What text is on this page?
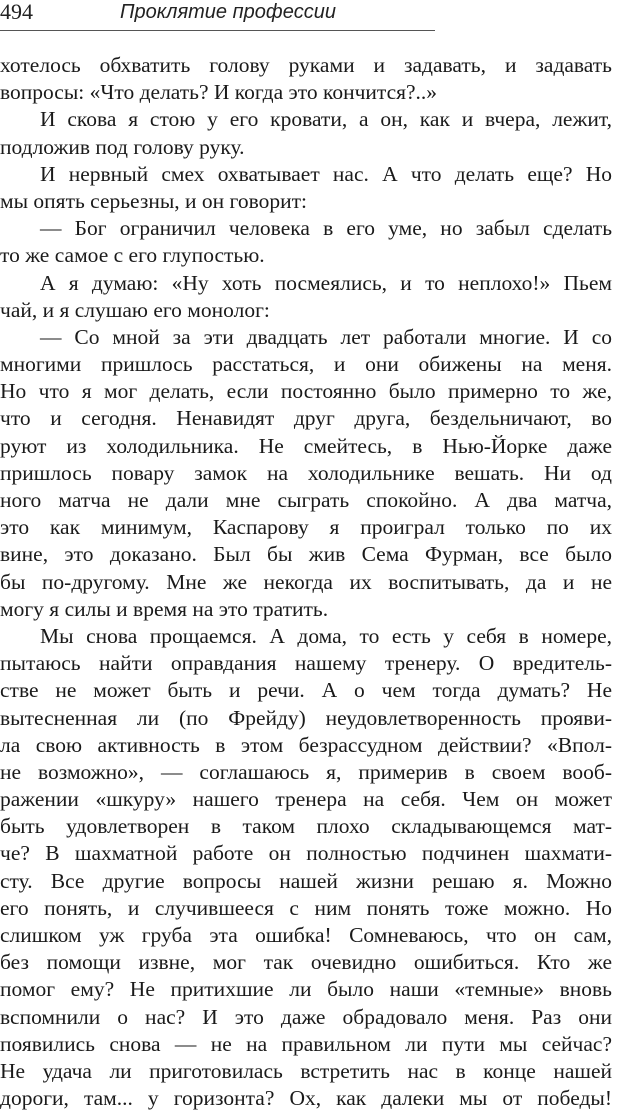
494	Проклятие профессии
хотелось обхватить голову руками и задавать, и задавать
вопросы: «Что делать? И когда это кончится?..»
И скова я стою у его кровати, а он, как и вчера, лежит,
подложив под голову руку.
И нервный смех охватывает нас. А что делать еще? Но
мы опять серьезны, и он говорит:
— Бог ограничил человека в его уме, но забыл сделать
то же самое с его глупостью.
А я думаю: «Ну хоть посмеялись, и то неплохо!» Пьем
чай, и я слушаю его монолог:
— Со мной за эти двадцать лет работали многие. И со
многими пришлось расстаться, и они обижены на меня.
Но что я мог делать, если постоянно было примерно то же,
что и сегодня. Ненавидят друг друга, бездельничают, во
руют из холодильника. Не смейтесь, в Нью-Йорке даже
пришлось повару замок на холодильнике вешать. Ни од
ного матча не дали мне сыграть спокойно. А два матча,
это как минимум, Каспарову я проиграл только по их
вине, это доказано. Был бы жив Сема Фурман, все было
бы по-другому. Мне же некогда их воспитывать, да и не
могу я силы и время на это тратить.
Мы снова прощаемся. А дома, то есть у себя в номере,
пытаюсь найти оправдания нашему тренеру. О вредитель-
стве не может быть и речи. А о чем тогда думать? Не
вытесненная ли (по Фрейду) неудовлетворенность прояви-
ла свою активность в этом безрассудном действии? «Впол-
не возможно», — соглашаюсь я, примерив в своем вооб-
ражении «шкуру» нашего тренера на себя. Чем он может
быть удовлетворен в таком плохо складывающемся мат-
че? В шахматной работе он полностью подчинен шахмати-
сту. Все другие вопросы нашей жизни решаю я. Можно
его понять, и случившееся с ним понять тоже можно. Но
слишком уж груба эта ошибка! Сомневаюсь, что он сам,
без помощи извне, мог так очевидно ошибиться. Кто же
помог ему? Не притихшие ли было наши «темные» вновь
вспомнили о нас? И это даже обрадовало меня. Раз они
появились снова — не на правильном ли пути мы сейчас?
Не удача ли приготовилась встретить нас в конце нашей
дороги, там... у горизонта? Ох, как далеки мы от победы!
